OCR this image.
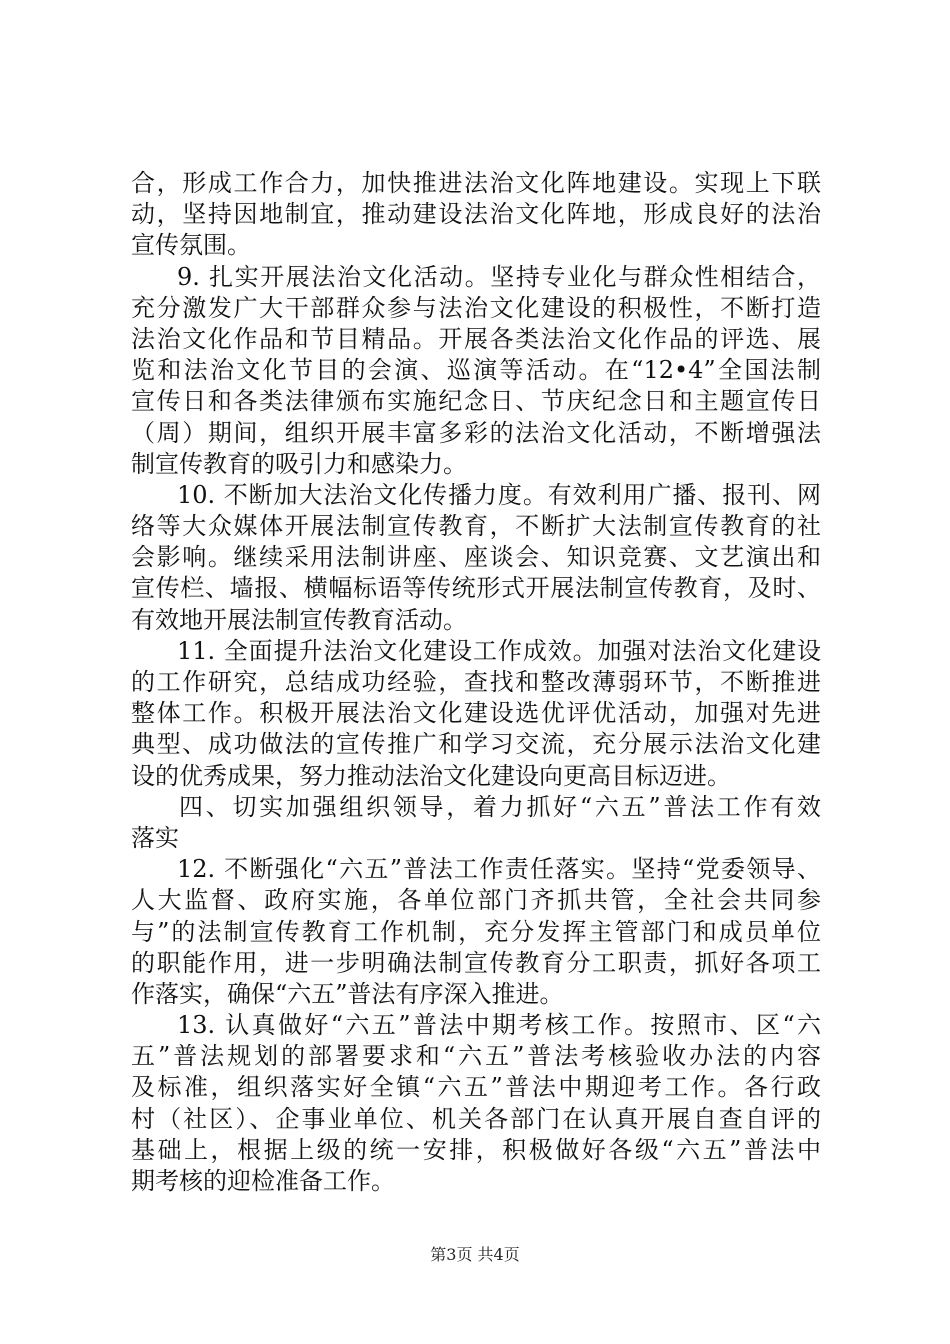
合，形成工作合力，加快推进法治文化阵地建设。实现上下联
动，坚持因地制宜，推动建设法治文化阵地，形成良好的法治
宣传氛围。
9. 扎实开展法治文化活动。坚持专业化与群众性相结合，
充分激发广大干部群众参与法治文化建设的积极性，不断打造
法治文化作品和节目精品。开展各类法治文化作品的评选、展
览和法治文化节目的会演、巡演等活动。在“12•4”全国法制
宣传日和各类法律颁布实施纪念日、节庆纪念日和主题宣传日
（周）期间，组织开展丰富多彩的法治文化活动，不断增强法
制宣传教育的吸引力和感染力。
10. 不断加大法治文化传播力度。有效利用广播、报刊、网
络等大众媒体开展法制宣传教育，不断扩大法制宣传教育的社
会影响。继续采用法制讲座、座谈会、知识竞赛、文艺演出和
宣传栏、墙报、横幅标语等传统形式开展法制宣传教育，及时、
有效地开展法制宣传教育活动。
11. 全面提升法治文化建设工作成效。加强对法治文化建设
的工作研究，总结成功经验，查找和整改薄弱环节，不断推进
整体工作。积极开展法治文化建设选优评优活动，加强对先进
典型、成功做法的宣传推广和学习交流，充分展示法治文化建
设的优秀成果，努力推动法治文化建设向更高目标迈进。
四、切实加强组织领导，着力抓好“六五”普法工作有效
落实
12. 不断强化“六五”普法工作责任落实。坚持“党委领导、
人大监督、政府实施，各单位部门齐抓共管，全社会共同参
与”的法制宣传教育工作机制，充分发挥主管部门和成员单位
的职能作用，进一步明确法制宣传教育分工职责，抓好各项工
作落实，确保“六五”普法有序深入推进。
13. 认真做好“六五”普法中期考核工作。按照市、区“六
五”普法规划的部署要求和“六五”普法考核验收办法的内容
及标准，组织落实好全镇“六五”普法中期迎考工作。各行政
村（社区）、企事业单位、机关各部门在认真开展自查自评的
基础上，根据上级的统一安排，积极做好各级“六五”普法中
期考核的迎检准备工作。
第3页 共4页
